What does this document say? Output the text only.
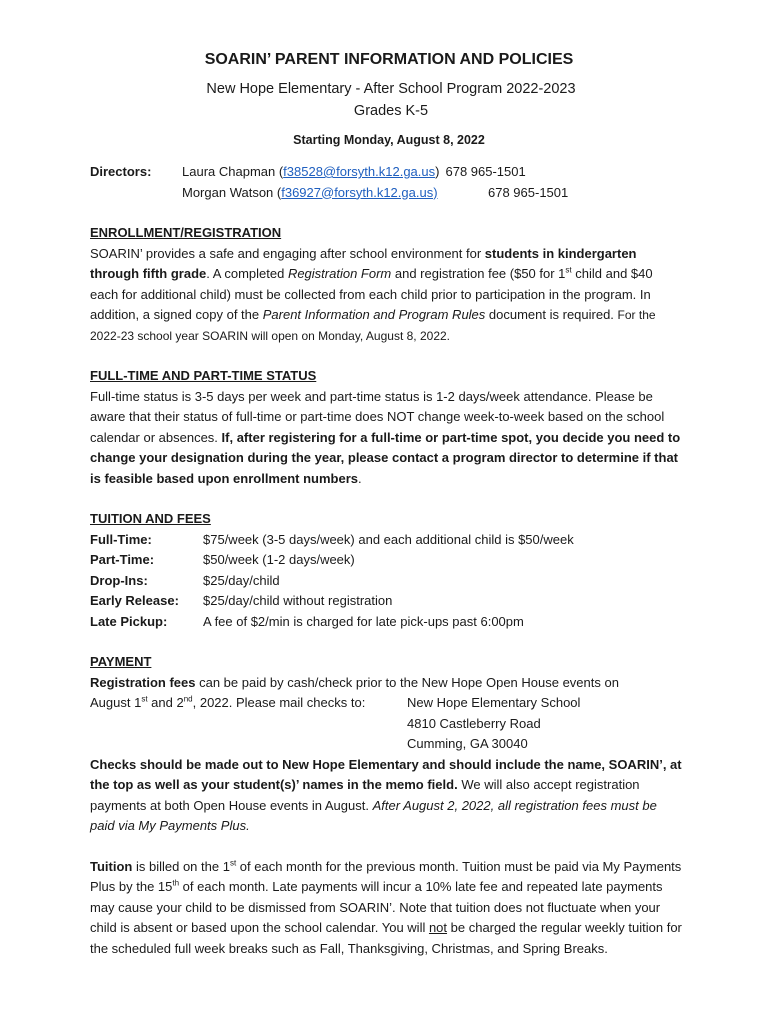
SOARIN’ PARENT INFORMATION AND POLICIES
New Hope Elementary - After School Program 2022-2023
Grades K-5
Starting Monday, August 8, 2022
Directors:	Laura Chapman (f38528@forsyth.k12.ga.us) 678 965-1501
Morgan Watson (f36927@forsyth.k12.ga.us)	678 965-1501
ENROLLMENT/REGISTRATION

SOARIN’ provides a safe and engaging after school environment for students in kindergarten through fifth grade. A completed Registration Form and registration fee ($50 for 1st child and $40 each for additional child) must be collected from each child prior to participation in the program. In addition, a signed copy of the Parent Information and Program Rules document is required. For the 2022-23 school year SOARIN will open on Monday, August 8, 2022.

FULL-TIME AND PART-TIME STATUS

Full-time status is 3-5 days per week and part-time status is 1-2 days/week attendance. Please be aware that their status of full-time or part-time does NOT change week-to-week based on the school calendar or absences. If, after registering for a full-time or part-time spot, you decide you need to change your designation during the year, please contact a program director to determine if that is feasible based upon enrollment numbers.

TUITION AND FEES
Full-Time:	$75/week (3-5 days/week) and each additional child is $50/week
Part-Time:	$50/week (1-2 days/week)
Drop-Ins:	$25/day/child
Early Release:	$25/day/child without registration
Late Pickup:	A fee of $2/min is charged for late pick-ups past 6:00pm
PAYMENT

Registration fees can be paid by cash/check prior to the New Hope Open House events on

August 1st and 2nd, 2022. Please mail checks to:	New Hope Elementary School
4810 Castleberry Road
Cumming, GA 30040

Checks should be made out to New Hope Elementary and should include the name, SOARIN’, at the top as well as your student(s)’ names in the memo field. We will also accept registration payments at both Open House events in August. After August 2, 2022, all registration fees must be paid via My Payments Plus.

Tuition is billed on the 1st of each month for the previous month. Tuition must be paid via My Payments Plus by the 15th of each month. Late payments will incur a 10% late fee and repeated late payments may cause your child to be dismissed from SOARIN’. Note that tuition does not fluctuate when your child is absent or based upon the school calendar. You will not be charged the regular weekly tuition for the scheduled full week breaks such as Fall, Thanksgiving, Christmas, and Spring Breaks.
